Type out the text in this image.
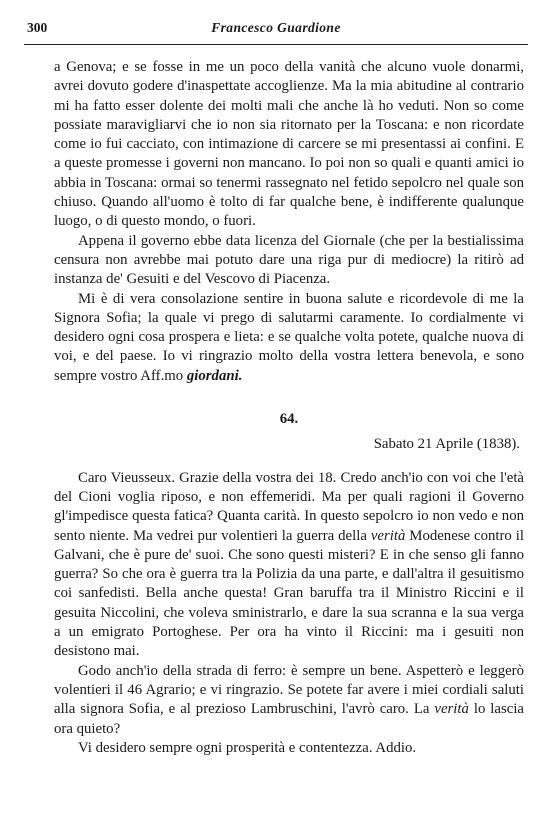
300	Francesco Guardione

a Genova; e se fosse in me un poco della vanità che alcuno vuole donarmi, avrei dovuto godere d'inaspettate accoglienze. Ma la mia abitudine al contrario mi ha fatto esser dolente dei molti mali che anche là ho veduti. Non so come possiate maravigliarvi che io non sia ritornato per la Toscana: e non ricordate come io fui cacciato, con intimazione di carcere se mi presentassi ai confini. E a queste promesse i governi non mancano. Io poi non so quali e quanti amici io abbia in Toscana: ormai so tenermi rassegnato nel fetido sepolcro nel quale son chiuso. Quando all'uomo è tolto di far qualche bene, è indifferente qualunque luogo, o di questo mondo, o fuori.

Appena il governo ebbe data licenza del Giornale (che per la bestialissima censura non avrebbe mai potuto dare una riga pur di mediocre) la ritirò ad instanza de' Gesuiti e del Vescovo di Piacenza.

Mi è di vera consolazione sentire in buona salute e ricordevole di me la Signora Sofia; la quale vi prego di salutarmi caramente. Io cordialmente vi desidero ogni cosa prospera e lieta: e se qualche volta potete, qualche nuova di voi, e del paese. Io vi ringrazio molto della vostra lettera benevola, e sono sempre vostro Aff.mo giordani.

64.
Sabato 21 Aprile (1838).

Caro Vieusseux. Grazie della vostra dei 18. Credo anch'io con voi che l'età del Cioni voglia riposo, e non effemeridi. Ma per quali ragioni il Governo gl'impedisce questa fatica? Quanta carità. In questo sepolcro io non vedo e non sento niente. Ma vedrei pur volentieri la guerra della verità Modenese contro il Galvani, che è pure de' suoi. Che sono questi misteri? E in che senso gli fanno guerra? So che ora è guerra tra la Polizia da una parte, e dall'altra il gesuitismo coi sanfedisti. Bella anche questa! Gran baruffa tra il Ministro Riccini e il gesuita Niccolini, che voleva sministrarlo, e dare la sua scranna e la sua verga a un emigrato Portoghese. Per ora ha vinto il Riccini: ma i gesuiti non desistono mai.

Godo anch'io della strada di ferro: è sempre un bene. Aspetterò e leggerò volentieri il 46 Agrario; e vi ringrazio. Se potete far avere i miei cordiali saluti alla signora Sofia, e al prezioso Lambruschini, l'avrò caro. La verità lo lascia ora quieto?

Vi desidero sempre ogni prosperità e contentezza. Addio.
